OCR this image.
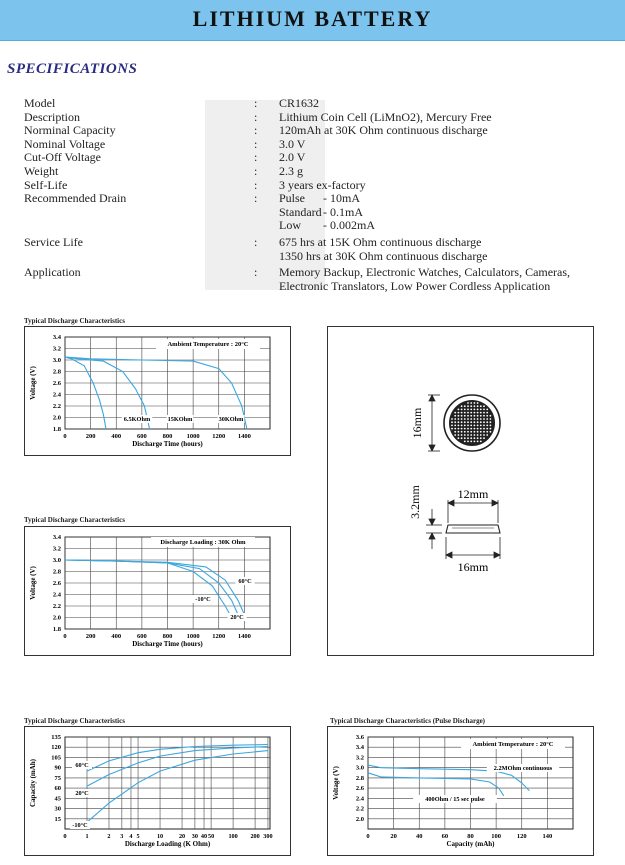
LITHIUM BATTERY
SPECIFICATIONS
Model	: CR1632
Description	: Lithium Coin Cell (LiMnO2), Mercury Free
Norminal Capacity	: 120mAh at 30K Ohm continuous discharge
Nominal Voltage	: 3.0 V
Cut-Off Voltage	: 2.0 V
Weight	: 2.3 g
Self-Life	: 3 years ex-factory
Recommended Drain	: Pulse - 10mA
Standard- 0.1mA
Low - 0.002mA
Service Life	: 675 hrs at 15K Ohm continuous discharge
1350 hrs at 30K Ohm continuous discharge
Application	: Memory Backup, Electronic Watches, Calculators, Cameras,
Electronic Translators, Low Power Cordless Application
Typical Discharge Characteristics
3.4
3.2
3.0
2.8
2.6
2.4
2.2
2.0
1.8
0	200 400 600 800 1000 1200 1400
Discharge Time (hours)
Voltage (V)
Ambient Temperature : 20°C
6.5KOhm	15KOhm	30KOhm	16mm
12mm
3.2mm
16mm
Typical Discharge Characteristics
3.4
3.2
3.0
2.8
2.6
2.4
2.2
2.0
1.8
0	200 400 600 800 1000 1200 1400
Discharge Time (hours)
Voltage (V)
Discharge Loading : 30K Ohm
60°C
-10°C
20°C
Typical Discharge Characteristics
135
120
105
90
75
60
45
30
15
0	1	2 3 4 5	10	20 30 40 50 100 200 300
Discharge Loading (K Ohm)
Capacity (mAh)	60°C
20°C
-10°C
Typical Discharge Characteristics (Pulse Discharge)
3.6
3.4
3.2
3.0
2.8
2.6
2.4
2.2
2.0
0	20	40	60	80	100 120 140
Capacity (mAh)
Voltage (V)
Ambient Temperature : 20°C
2.2MOhm continuous
400Ohm / 15 sec pulse
